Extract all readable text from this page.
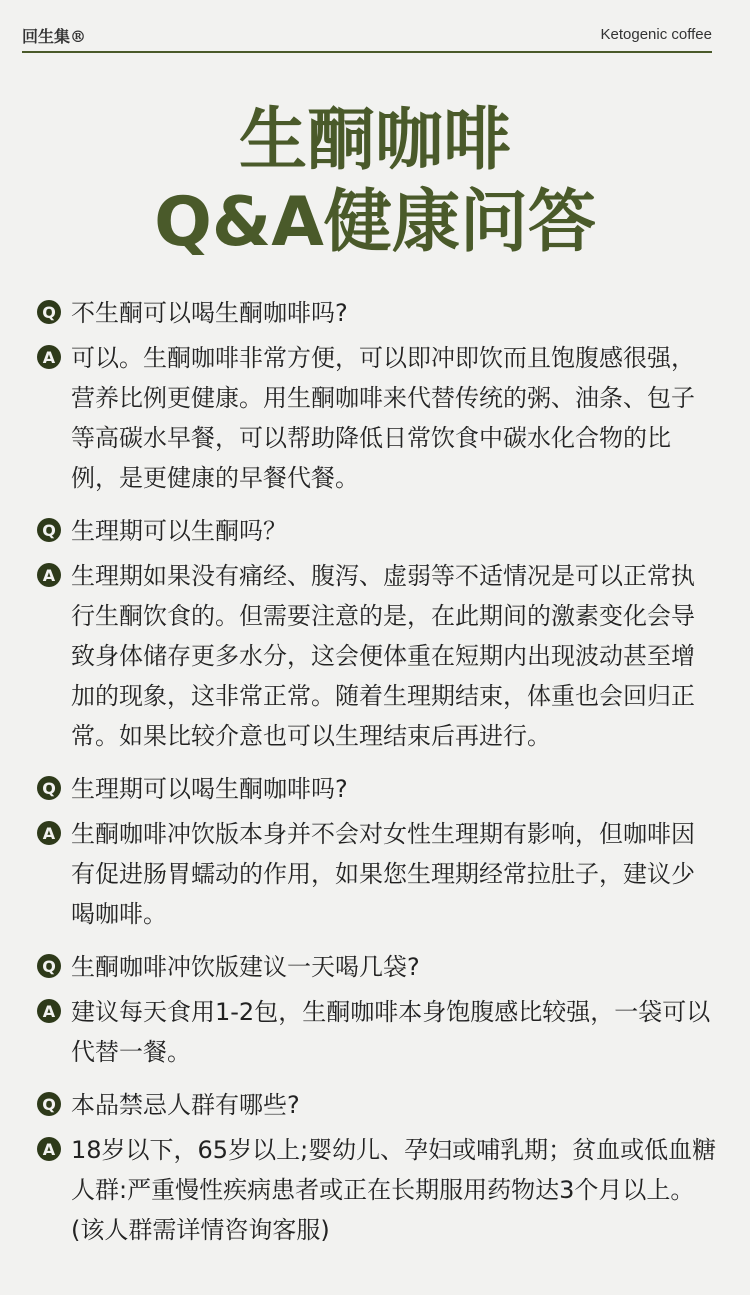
回生集®	Ketogenic coffee
生酮咖啡
Q&A健康问答
Q 不生酮可以喝生酮咖啡吗?
A 可以。生酮咖啡非常方便，可以即冲即饮而且饱腹感很强，营养比例更健康。用生酮咖啡来代替传统的粥、油条、包子等高碳水早餐，可以帮助降低日常饮食中碳水化合物的比例，是更健康的早餐代餐。
Q 生理期可以生酮吗？
A 生理期如果没有痛经、腹泻、虚弱等不适情况是可以正常执行生酮饮食的。但需要注意的是，在此期间的激素变化会导致身体储存更多水分，这会便体重在短期内出现波动甚至增加的现象，这非常正常。随着生理期结束，体重也会回归正常。如果比较介意也可以生理结束后再进行。
Q 生理期可以喝生酮咖啡吗?
A 生酮咖啡冲饮版本身并不会对女性生理期有影响，但咖啡因有促进肠胃蠕动的作用，如果您生理期经常拉肚子，建议少喝咖啡。
Q 生酮咖啡冲饮版建议一天喝几袋?
A 建议每天食用1-2包，生酮咖啡本身饱腹感比较强，一袋可以代替一餐。
Q 本品禁忌人群有哪些?
A 18岁以下，65岁以上;婴幼儿、孕妇或哺乳期；贫血或低血糖人群:严重慢性疾病患者或正在长期服用药物达3个月以上。(该人群需详情咨询客服)
